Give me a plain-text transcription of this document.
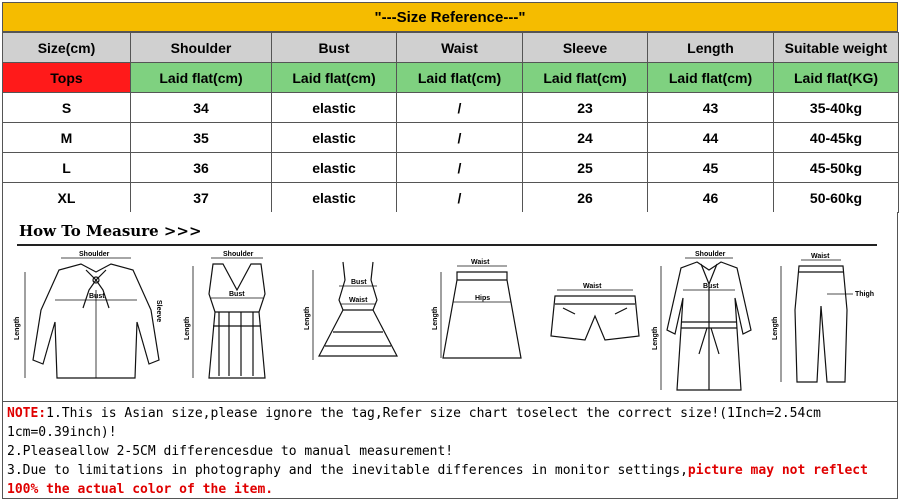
"---Size Reference---"
Size(cm)	Shoulder	Bust	Waist	Sleeve	Length	Suitable weight
Tops	Laid flat(cm)	Laid flat(cm)	Laid flat(cm)	Laid flat(cm)	Laid flat(cm)	Laid flat(KG)
S	34	elastic	/	23	43	35-40kg
M	35	elastic	/	24	44	40-45kg
L	36	elastic	/	25	45	45-50kg
XL	37	elastic	/	26	46	50-60kg
How To Measure >>>
Shoulder
Length
Bust
Sleeve
Shoulder
Length
Bust
Length
Bust
Waist
Waist
Length
Hips
Waist
Shoulder
Length
Bust
Waist
Length
Thigh
NOTE:1.This is Asian size,please ignore the tag,Refer size chart toselect the correct size!(1Inch=2.54cm
1cm=0.39inch)!
2.Pleaseallow 2-5CM differencesdue to manual measurement!
3.Due to limitations in photography and the inevitable differences in monitor settings,picture may not reflect
100% the actual color of the item.
